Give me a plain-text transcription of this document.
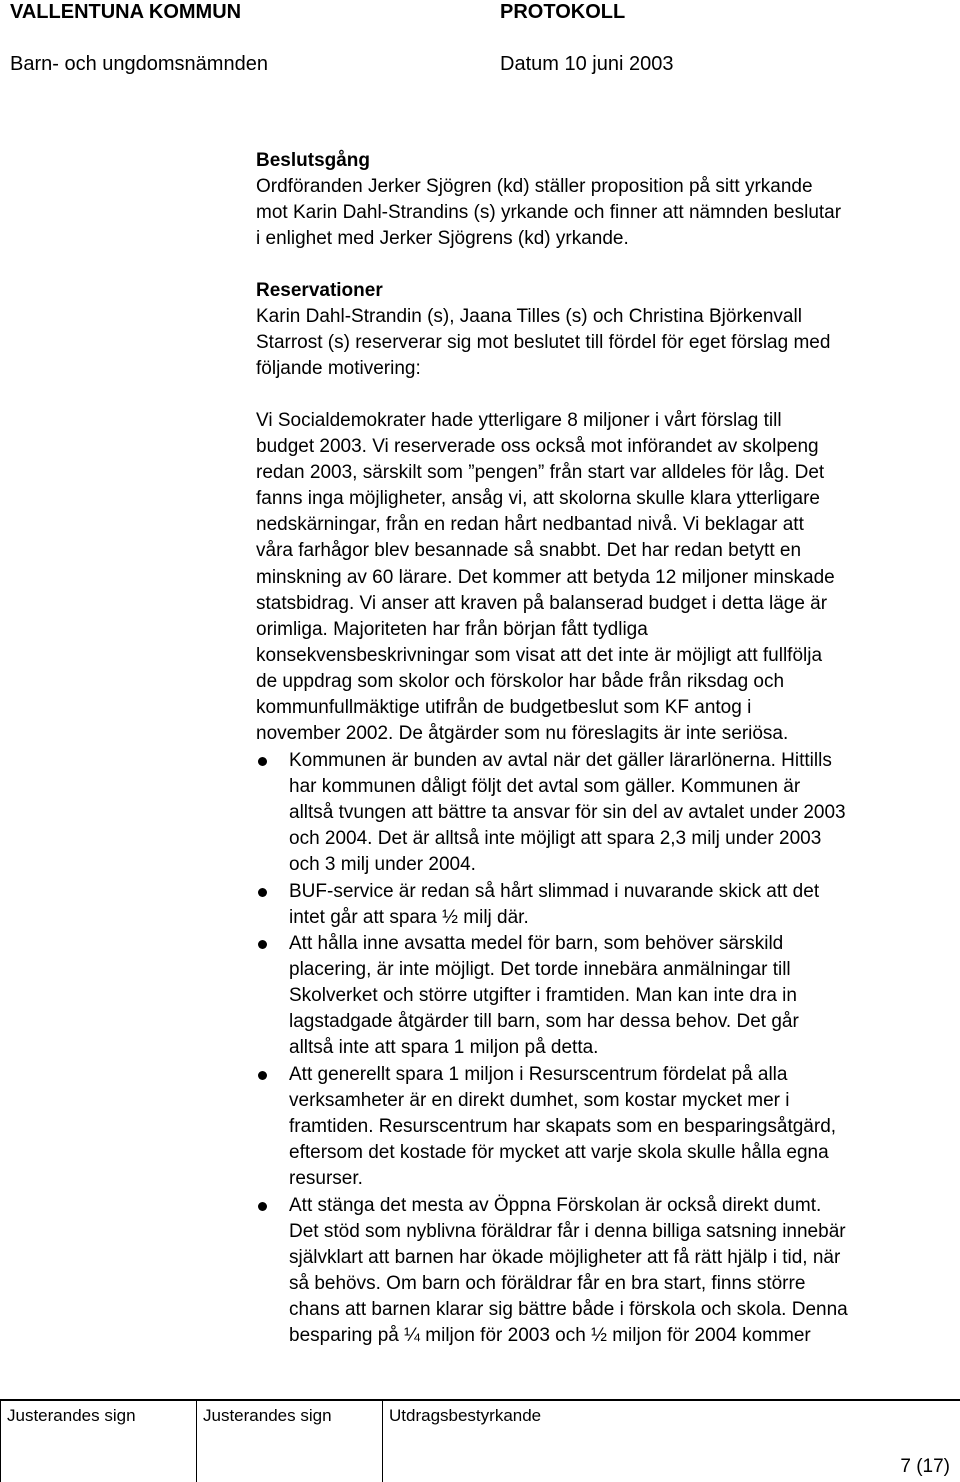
VALLENTUNA KOMMUN	PROTOKOLL
Barn- och ungdomsnämnden	Datum 10 juni 2003

Beslutsgång

Ordföranden Jerker Sjögren (kd) ställer proposition på sitt yrkande

mot Karin Dahl-Strandins (s) yrkande och finner att nämnden beslutar

i enlighet med Jerker Sjögrens (kd) yrkande.

Reservationer

Karin Dahl-Strandin (s), Jaana Tilles (s) och Christina Björkenvall

Starrost (s) reserverar sig mot beslutet till fördel för eget förslag med

följande motivering:

Vi Socialdemokrater hade ytterligare 8 miljoner i vårt förslag till

budget 2003. Vi reserverade oss också mot införandet av skolpeng

redan 2003, särskilt som ”pengen” från start var alldeles för låg. Det

fanns inga möjligheter, ansåg vi, att skolorna skulle klara ytterligare

nedskärningar, från en redan hårt nedbantad nivå. Vi beklagar att

våra farhågor blev besannade så snabbt. Det har redan betytt en

minskning av 60 lärare. Det kommer att betyda 12 miljoner minskade

statsbidrag. Vi anser att kraven på balanserad budget i detta läge är

orimliga. Majoriteten har från början fått tydliga

konsekvensbeskrivningar som visat att det inte är möjligt att fullfölja

de uppdrag som skolor och förskolor har både från riksdag och

kommunfullmäktige utifrån de budgetbeslut som KF antog i

november 2002. De åtgärder som nu föreslagits är inte seriösa.

Kommunen är bunden av avtal när det gäller lärarlönerna. Hittills

har kommunen dåligt följt det avtal som gäller. Kommunen är

alltså tvungen att bättre ta ansvar för sin del av avtalet under 2003

och 2004. Det är alltså inte möjligt att spara 2,3 milj under 2003

och 3 milj under 2004.

BUF-service är redan så hårt slimmad i nuvarande skick att det

intet går att spara ½ milj där.

Att hålla inne avsatta medel för barn, som behöver särskild

placering, är inte möjligt. Det torde innebära anmälningar till

Skolverket och större utgifter i framtiden. Man kan inte dra in

lagstadgade åtgärder till barn, som har dessa behov. Det går

alltså inte att spara 1 miljon på detta.

Att generellt spara 1 miljon i Resurscentrum fördelat på alla

verksamheter är en direkt dumhet, som kostar mycket mer i

framtiden. Resurscentrum har skapats som en besparingsåtgärd,

eftersom det kostade för mycket att varje skola skulle hålla egna

resurser.

Att stänga det mesta av Öppna Förskolan är också direkt dumt.

Det stöd som nyblivna föräldrar får i denna billiga satsning innebär

självklart att barnen har ökade möjligheter att få rätt hjälp i tid, när

så behövs. Om barn och föräldrar får en bra start, finns större

chans att barnen klarar sig bättre både i förskola och skola. Denna

besparing på ¼ miljon för 2003 och ½ miljon för 2004 kommer

Justerandes sign	Justerandes sign	Utdragsbestyrkande
7 (17)
